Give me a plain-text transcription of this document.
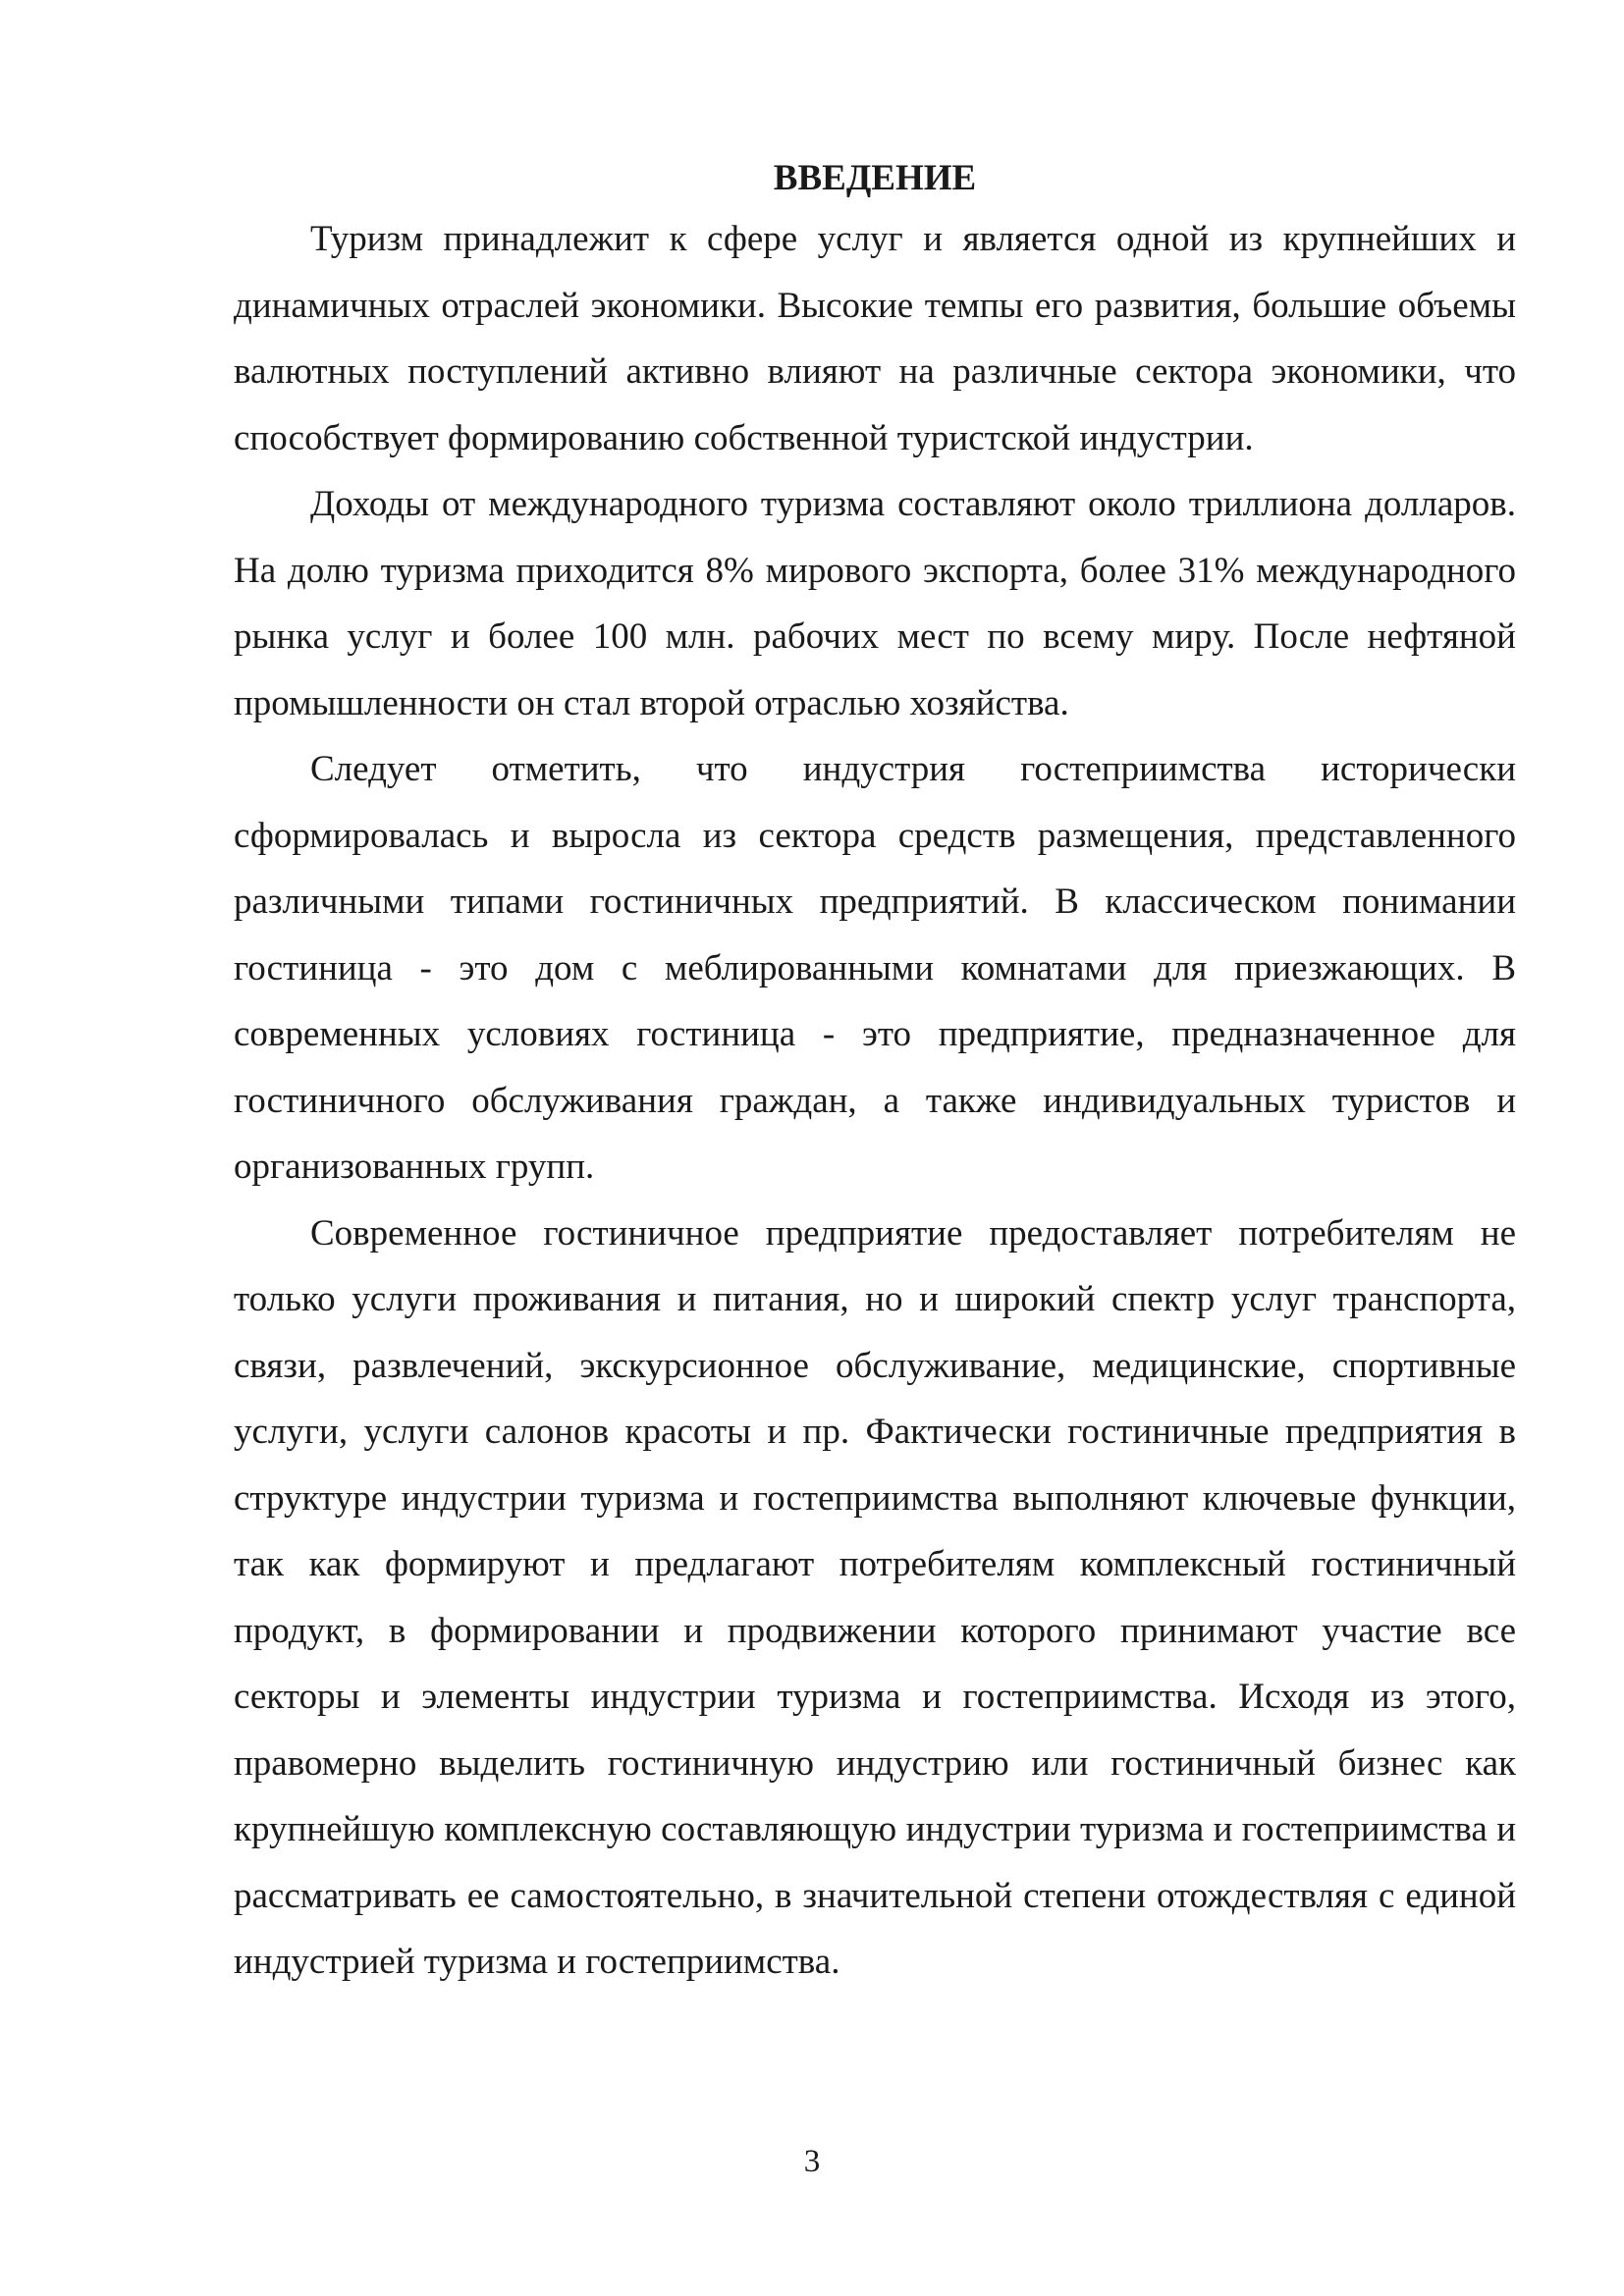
ВВЕДЕНИЕ

Туризм принадлежит к сфере услуг и является одной из крупнейших и динамичных отраслей экономики. Высокие темпы его развития, большие объемы валютных поступлений активно влияют на различные сектора экономики, что способствует формированию собственной туристской индустрии.

Доходы от международного туризма составляют около триллиона долларов. На долю туризма приходится 8% мирового экспорта, более 31% международного рынка услуг и более 100 млн. рабочих мест по всему миру. После нефтяной промышленности он стал второй отраслью хозяйства.

Следует отметить, что индустрия гостеприимства исторически сформировалась и выросла из сектора средств размещения, представленного различными типами гостиничных предприятий. В классическом понимании гостиница - это дом с меблированными комнатами для приезжающих. В современных условиях гостиница - это предприятие, предназначенное для гостиничного обслуживания граждан, а также индивидуальных туристов и организованных групп.

Современное гостиничное предприятие предоставляет потребителям не только услуги проживания и питания, но и широкий спектр услуг транспорта, связи, развлечений, экскурсионное обслуживание, медицинские, спортивные услуги, услуги салонов красоты и пр. Фактически гостиничные предприятия в структуре индустрии туризма и гостеприимства выполняют ключевые функции, так как формируют и предлагают потребителям комплексный гостиничный продукт, в формировании и продвижении которого принимают участие все секторы и элементы индустрии туризма и гостеприимства. Исходя из этого, правомерно выделить гостиничную индустрию или гостиничный бизнес как крупнейшую комплексную составляющую индустрии туризма и гостеприимства и рассматривать ее самостоятельно, в значительной степени отождествляя с единой индустрией туризма и гостеприимства.

3
